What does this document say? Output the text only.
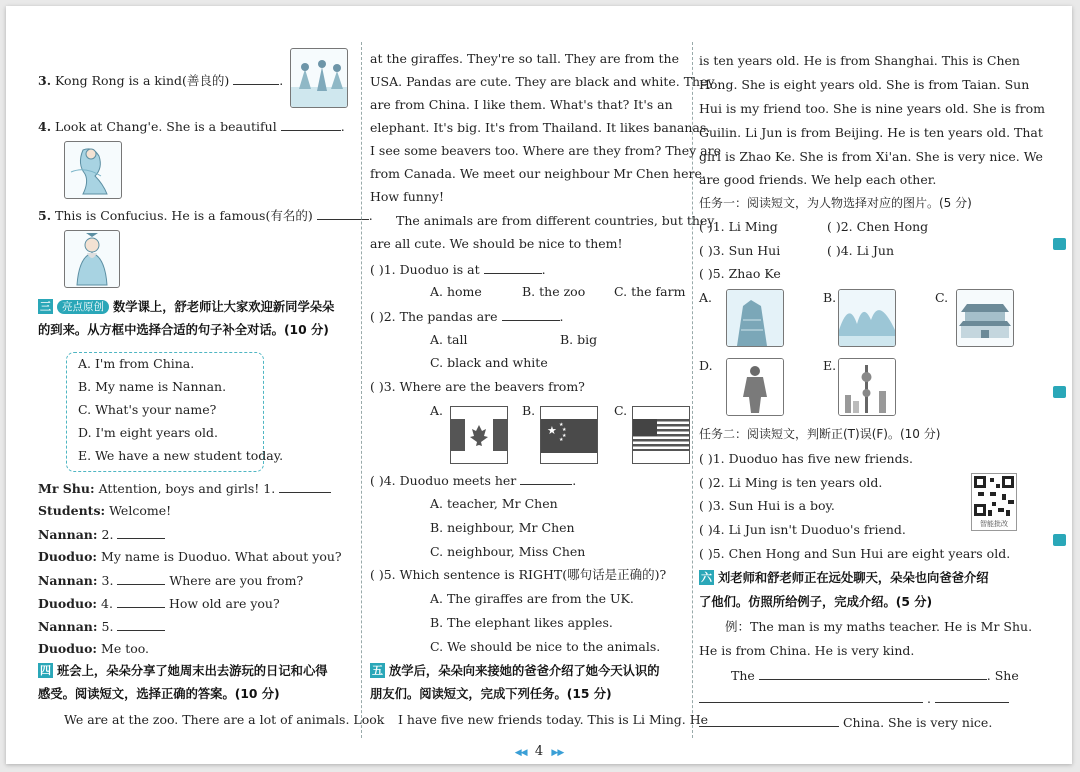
3. Kong Rong is a kind(善良的)	.
4. Look at Chang'e. She is a beautiful	.
5. This is Confucius. He is a famous(有名的)	.
三 亮点原创 数学课上，舒老师让大家欢迎新同学朵朵
的到来。从方框中选择合适的句子补全对话。(10 分)
A. I'm from China.
B. My name is Nannan.
C. What's your name?
D. I'm eight years old.
E. We have a new student today.
Mr Shu: Attention, boys and girls! 1.
Students: Welcome!
Nannan: 2.
Duoduo: My name is Duoduo. What about you?
Nannan: 3.	Where are you from?
Duoduo: 4.	How old are you?
Nannan: 5.
Duoduo: Me too.
四 班会上，朵朵分享了她周末出去游玩的日记和心得
感受。阅读短文，选择正确的答案。(10 分)
We are at the zoo. There are a lot of animals. Look
at the giraffes. They're so tall. They are from the
USA. Pandas are cute. They are black and white. They
are from China. I like them. What's that? It's an
elephant. It's big. It's from Thailand. It likes bananas.
I see some beavers too. Where are they from? They are
from Canada. We meet our neighbour Mr Chen here.
How funny!
The animals are from different countries, but they
are all cute. We should be nice to them!
( )1. Duoduo is at	.
A. home	B. the zoo C. the farm
( )2. The pandas are	.
A. tall	B. big
C. black and white
( )3. Where are the beavers from?
A.	B.
★ ★
★
★
★
C.
( )4. Duoduo meets her	.
A. teacher, Mr Chen
B. neighbour, Mr Chen
C. neighbour, Miss Chen
( )5. Which sentence is RIGHT(哪句话是正确的)?
A. The giraffes are from the UK.
B. The elephant likes apples.
C. We should be nice to the animals.
五 放学后，朵朵向来接她的爸爸介绍了她今天认识的
朋友们。阅读短文，完成下列任务。(15 分)
I have five new friends today. This is Li Ming. He
is ten years old. He is from Shanghai. This is Chen
Hong. She is eight years old. She is from Taian. Sun
Hui is my friend too. She is nine years old. She is from
Guilin. Li Jun is from Beijing. He is ten years old. That
girl is Zhao Ke. She is from Xi'an. She is very nice. We
are good friends. We help each other.
任务一：阅读短文，为人物选择对应的图片。(5 分)
( )1. Li Ming	( )2. Chen Hong
( )3. Sun Hui	( )4. Li Jun
( )5. Zhao Ke
A.	B.	C.
D.	E.
任务二：阅读短文，判断正(T)误(F)。(10 分)
( )1. Duoduo has five new friends.
( )2. Li Ming is ten years old.
( )3. Sun Hui is a boy.
( )4. Li Jun isn't Duoduo's friend.
( )5. Chen Hong and Sun Hui are eight years old.
智能批改
六 刘老师和舒老师正在远处聊天，朵朵也向爸爸介绍
了他们。仿照所给例子，完成介绍。(5 分)
例：The man is my maths teacher. He is Mr Shu.
He is from China. He is very kind.
The	. She
.
China. She is very nice.
◀◀ 4 ▶▶
